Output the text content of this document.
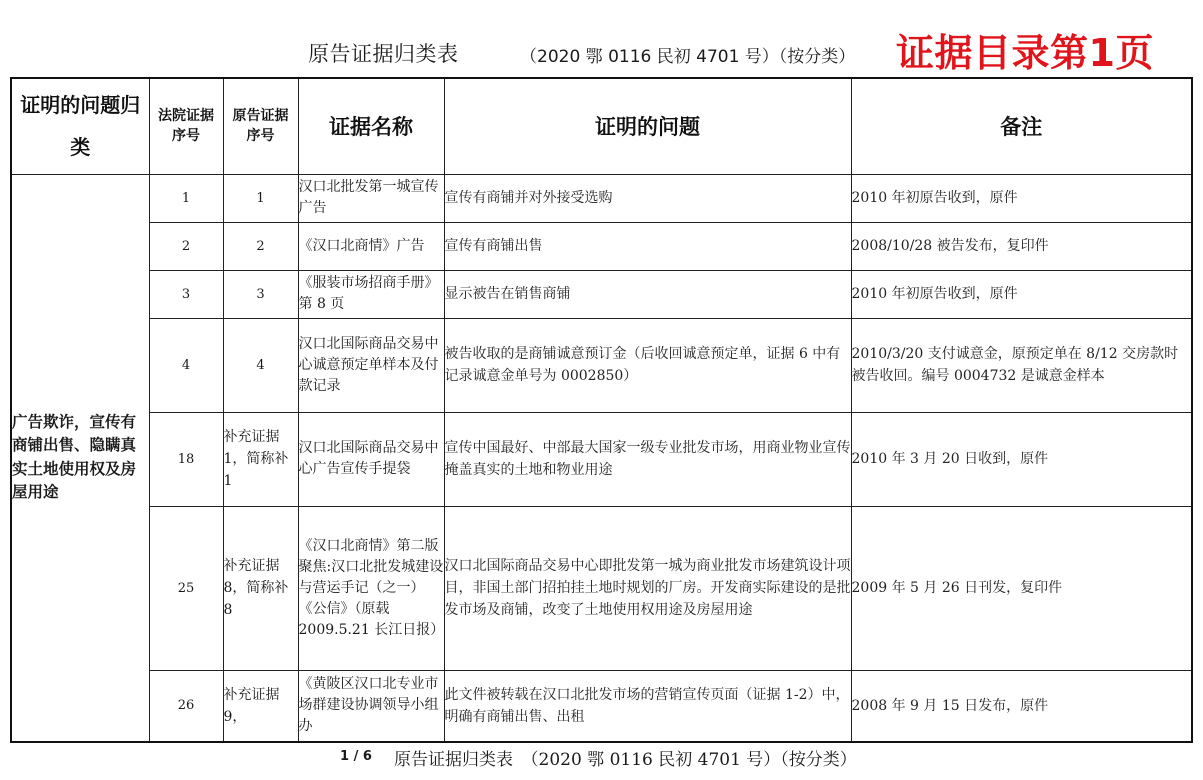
原告证据归类表	（2020 鄂 0116 民初 4701 号）（按分类） 证据目录第1页
证明的问题归类	法院证据序号	原告证据序号	证据名称	证明的问题	备注
广告欺诈，宣传有商铺出售、隐瞒真实土地使用权及房屋用途	1	1	汉口北批发第一城宣传广告	宣传有商铺并对外接受选购	2010 年初原告收到，原件
	2	2	《汉口北商情》广告	宣传有商铺出售	2008/10/28 被告发布，复印件
	3	3	《服装市场招商手册》第 8 页	显示被告在销售商铺	2010 年初原告收到，原件
	4	4	汉口北国际商品交易中心诚意预定单样本及付款记录	被告收取的是商铺诚意预订金（后收回诚意预定单，证据 6 中有记录诚意金单号为 0002850）	2010/3/20 支付诚意金，原预定单在 8/12 交房款时被告收回。编号 0004732 是诚意金样本
	18	补充证据 1，简称补 1	汉口北国际商品交易中心广告宣传手提袋	宣传中国最好、中部最大国家一级专业批发市场，用商业物业宣传掩盖真实的土地和物业用途	2010 年 3 月 20 日收到，原件
	25	补充证据 8，简称补 8	《汉口北商情》第二版聚焦:汉口北批发城建设与营运手记（之一）　《公信》（原载 2009.5.21 长江日报）	汉口北国际商品交易中心即批发第一城为商业批发市场建筑设计项目，非国土部门招拍挂土地时规划的厂房。开发商实际建设的是批发市场及商铺，改变了土地使用权用途及房屋用途	2009 年 5 月 26 日刊发，复印件
	26	补充证据 9，	《黄陂区汉口北专业市场群建设协调领导小组办	此文件被转载在汉口北批发市场的营销宣传页面（证据 1-2）中，明确有商铺出售、出租	2008 年 9 月 15 日发布，原件
1 / 6 原告证据归类表　（2020 鄂 0116 民初 4701 号）（按分类）
